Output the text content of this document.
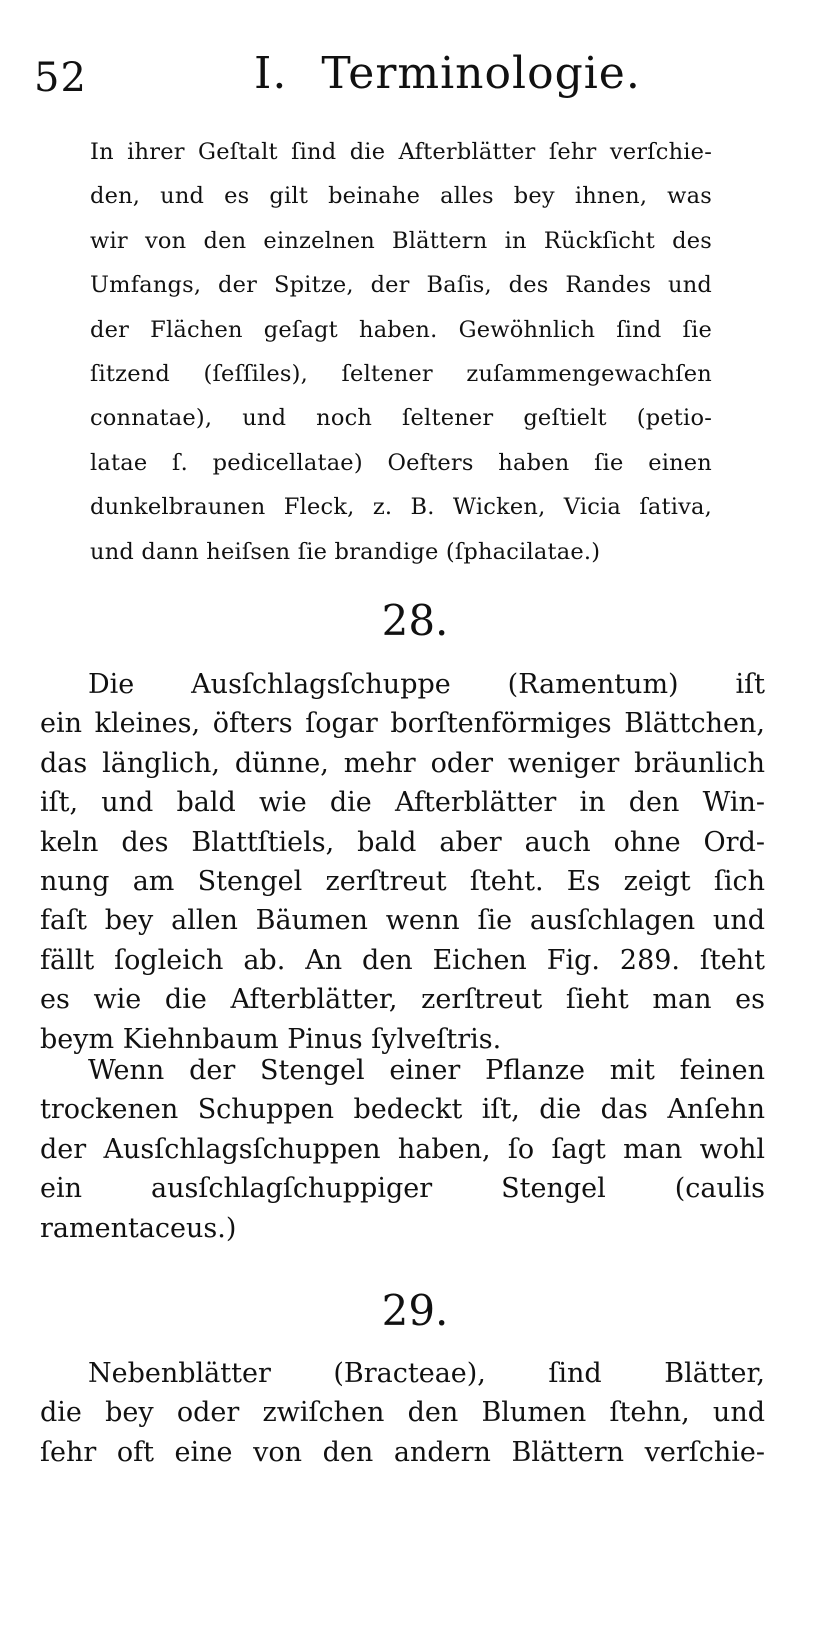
52	I. Terminologie.
In ihrer Geſtalt ſind die Afterblätter ſehr verſchie-
den, und es gilt beinahe alles bey ihnen, was
wir von den einzelnen Blättern in Rückſicht des
Umfangs, der Spitze, der Baſis, des Randes und
der Flächen geſagt haben. Gewöhnlich ſind ſie
ſitzend (ſeſſiles), ſeltener zuſammengewachſen
connatae), und noch ſeltener geſtielt (petio-
latae ſ. pedicellatae) Oefters haben ſie einen
dunkelbraunen Fleck, z. B. Wicken, Vicia ſativa,
und dann heiſsen ſie brandige (ſphacilatae.)
28.
Die Ausſchlagsſchuppe (Ramentum) iſt
ein kleines, öfters ſogar borſtenförmiges Blättchen,
das länglich, dünne, mehr oder weniger bräunlich
iſt, und bald wie die Afterblätter in den Win-
keln des Blattſtiels, bald aber auch ohne Ord-
nung am Stengel zerſtreut ſteht. Es zeigt ſich
faſt bey allen Bäumen wenn ſie ausſchlagen und
fällt ſogleich ab. An den Eichen Fig. 289. ſteht
es wie die Afterblätter, zerſtreut ſieht man es
beym Kiehnbaum Pinus ſylveſtris.
Wenn der Stengel einer Pflanze mit feinen
trockenen Schuppen bedeckt iſt, die das Anſehn
der Ausſchlagsſchuppen haben, ſo ſagt man wohl
ein ausſchlagſchuppiger Stengel (caulis
ramentaceus.)
29.
Nebenblätter (Bracteae), ſind Blätter,
die bey oder zwiſchen den Blumen ſtehn, und
ſehr oft eine von den andern Blättern verſchie-
